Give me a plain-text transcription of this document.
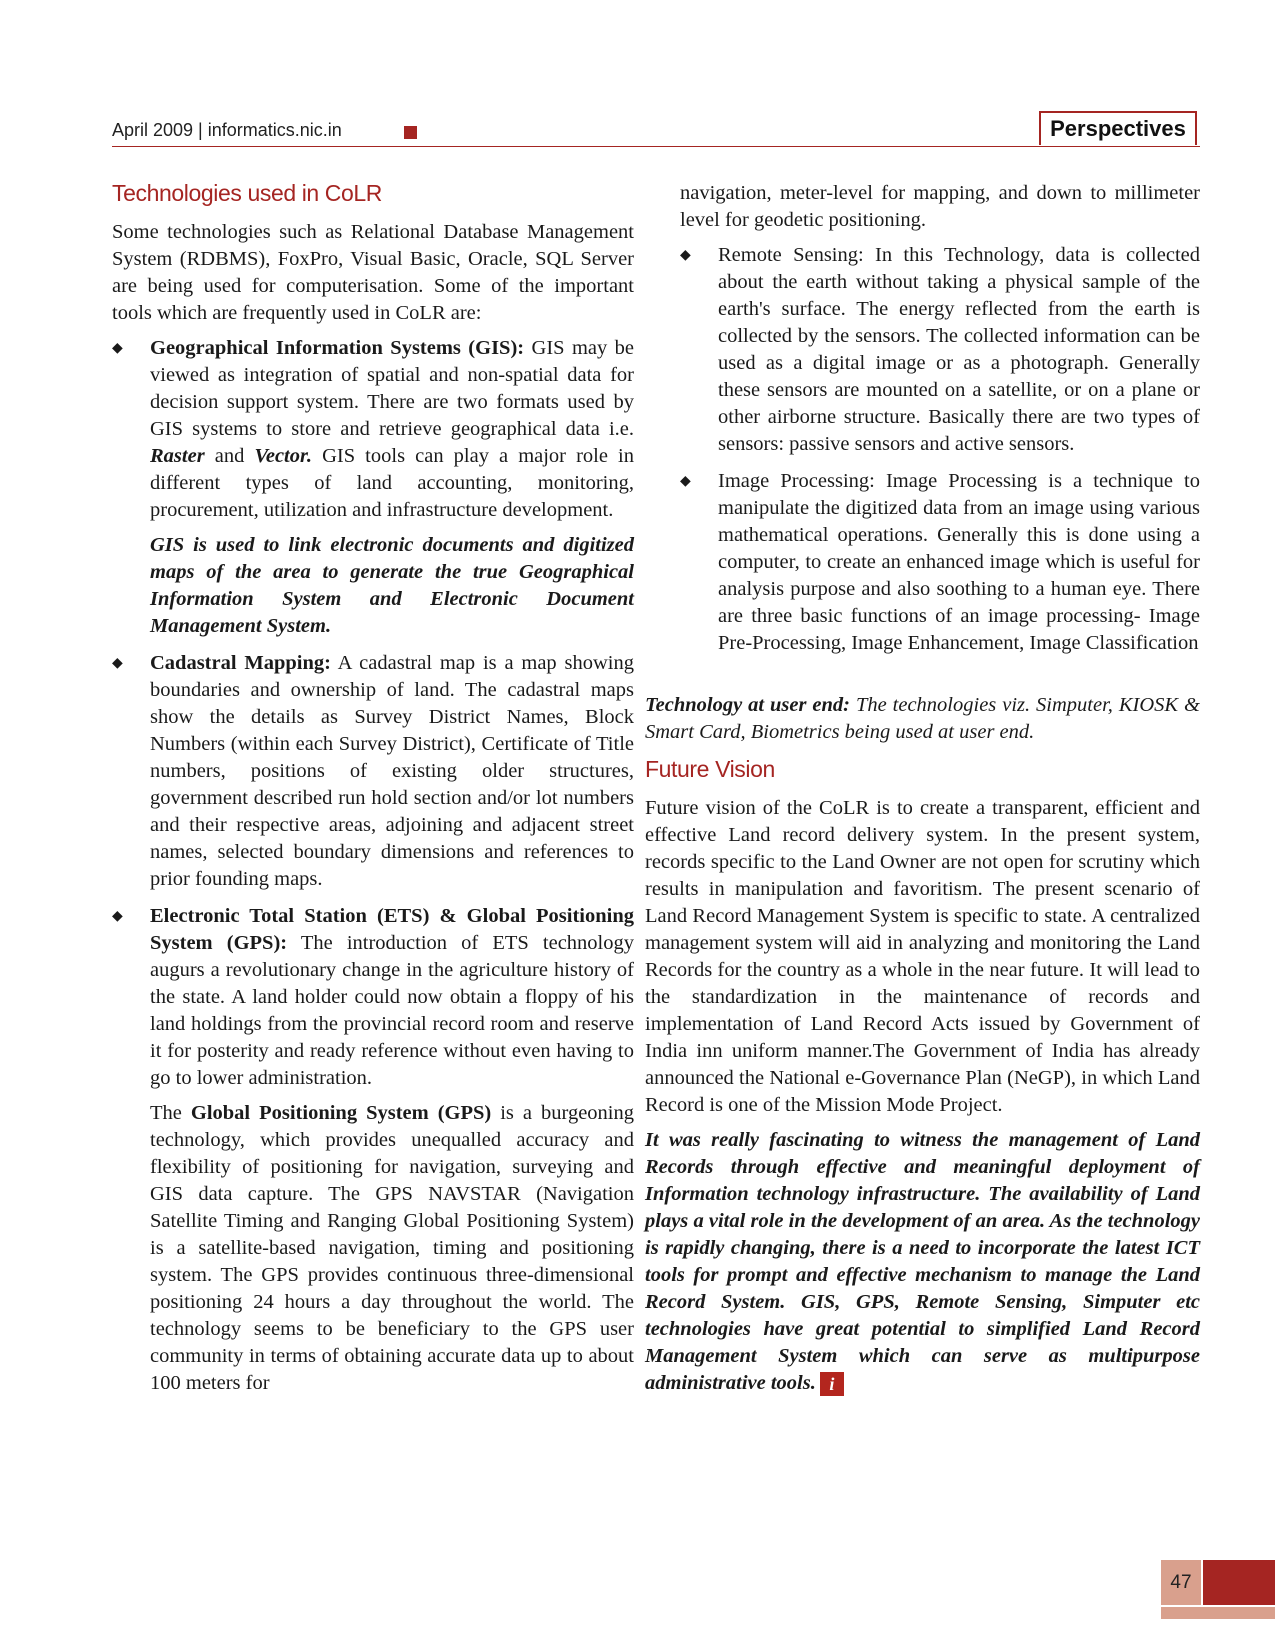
April 2009 | informatics.nic.in	Perspectives
Technologies used in CoLR

Some technologies such as Relational Database Management System (RDBMS), FoxPro, Visual Basic, Oracle, SQL Server are being used for computerisation. Some of the important tools which are frequently used in CoLR are:

◆ Geographical Information Systems (GIS): GIS may be viewed as integration of spatial and non-spatial data for decision support system. There are two formats used by GIS systems to store and retrieve geographical data i.e. Raster and Vector. GIS tools can play a major role in different types of land accounting, monitoring, procurement, utilization and infrastructure development.

GIS is used to link electronic documents and digitized maps of the area to generate the true Geographical Information System and Electronic Document Management System.

◆ Cadastral Mapping: A cadastral map is a map showing boundaries and ownership of land. The cadastral maps show the details as Survey District Names, Block Numbers (within each Survey District), Certificate of Title numbers, positions of existing older structures, government described run hold section and/or lot numbers and their respective areas, adjoining and adjacent street names, selected boundary dimensions and references to prior founding maps.

◆ Electronic Total Station (ETS) & Global Positioning System (GPS): The introduction of ETS technology augurs a revolutionary change in the agriculture history of the state. A land holder could now obtain a floppy of his land holdings from the provincial record room and reserve it for posterity and ready reference without even having to go to lower administration.

The Global Positioning System (GPS) is a burgeoning technology, which provides unequalled accuracy and flexibility of positioning for navigation, surveying and GIS data capture. The GPS NAVSTAR (Navigation Satellite Timing and Ranging Global Positioning System) is a satellite-based navigation, timing and positioning system. The GPS provides continuous three-dimensional positioning 24 hours a day throughout the world. The technology seems to be beneficiary to the GPS user community in terms of obtaining accurate data up to about 100 meters for

navigation, meter-level for mapping, and down to millimeter level for geodetic positioning.

◆ Remote Sensing: In this Technology, data is collected about the earth without taking a physical sample of the earth's surface. The energy reflected from the earth is collected by the sensors. The collected information can be used as a digital image or as a photograph. Generally these sensors are mounted on a satellite, or on a plane or other airborne structure. Basically there are two types of sensors: passive sensors and active sensors.

◆ Image Processing: Image Processing is a technique to manipulate the digitized data from an image using various mathematical operations. Generally this is done using a computer, to create an enhanced image which is useful for analysis purpose and also soothing to a human eye. There are three basic functions of an image processing- Image Pre-Processing, Image Enhancement, Image Classification

Technology at user end: The technologies viz. Simputer, KIOSK & Smart Card, Biometrics being used at user end.

Future Vision

Future vision of the CoLR is to create a transparent, efficient and effective Land record delivery system. In the present system, records specific to the Land Owner are not open for scrutiny which results in manipulation and favoritism. The present scenario of Land Record Management System is specific to state. A centralized management system will aid in analyzing and monitoring the Land Records for the country as a whole in the near future. It will lead to the standardization in the maintenance of records and implementation of Land Record Acts issued by Government of India inn uniform manner.The Government of India has already announced the National e-Governance Plan (NeGP), in which Land Record is one of the Mission Mode Project.

It was really fascinating to witness the management of Land Records through effective and meaningful deployment of Information technology infrastructure. The availability of Land plays a vital role in the development of an area. As the technology is rapidly changing, there is a need to incorporate the latest ICT tools for prompt and effective mechanism to manage the Land Record System. GIS, GPS, Remote Sensing, Simputer etc technologies have great potential to simplified Land Record Management System which can serve as multipurpose administrative tools. i

47
